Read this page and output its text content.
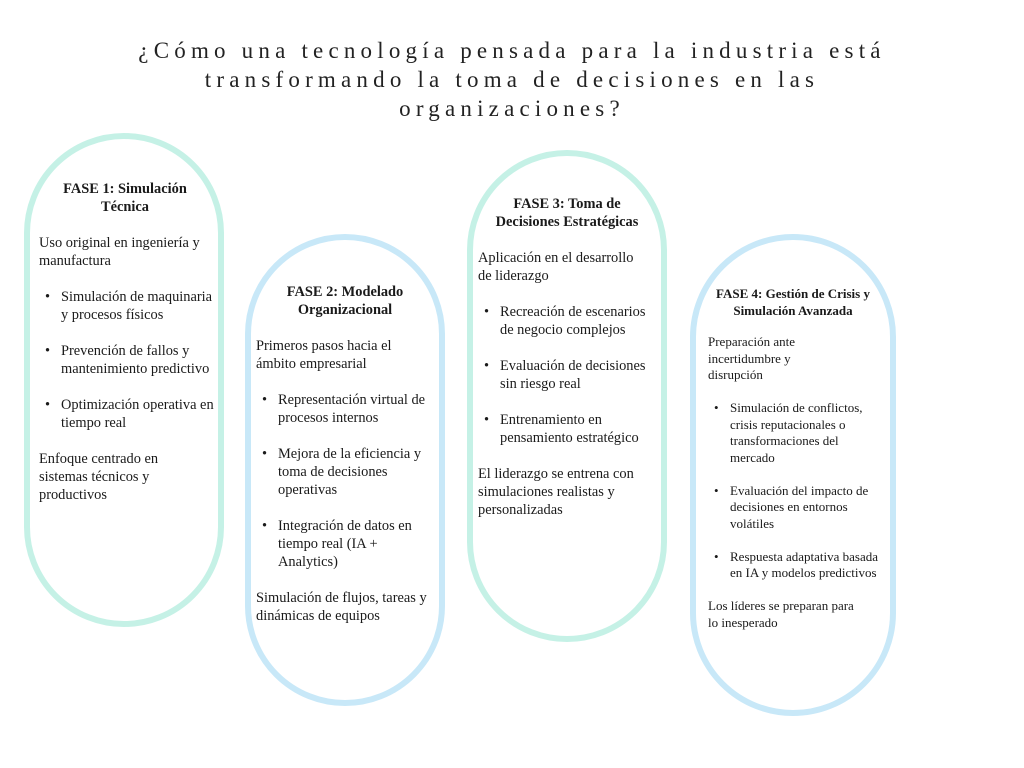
¿Cómo una tecnología pensada para la industria está transformando la toma de decisiones en las organizaciones?
FASE 1: Simulación Técnica

Uso original en ingeniería y manufactura

• Simulación de maquinaria y procesos físicos
• Prevención de fallos y mantenimiento predictivo
• Optimización operativa en tiempo real

Enfoque centrado en sistemas técnicos y productivos

FASE 2: Modelado Organizacional

Primeros pasos hacia el ámbito empresarial

• Representación virtual de procesos internos
• Mejora de la eficiencia y toma de decisiones operativas
• Integración de datos en tiempo real (IA + Analytics)

Simulación de flujos, tareas y dinámicas de equipos

FASE 3: Toma de Decisiones Estratégicas

Aplicación en el desarrollo de liderazgo

• Recreación de escenarios de negocio complejos
• Evaluación de decisiones sin riesgo real
• Entrenamiento en pensamiento estratégico

El liderazgo se entrena con simulaciones realistas y personalizadas

FASE 4: Gestión de Crisis y Simulación Avanzada

Preparación ante incertidumbre y disrupción

• Simulación de conflictos, crisis reputacionales o transformaciones del mercado
• Evaluación del impacto de decisiones en entornos volátiles
• Respuesta adaptativa basada en IA y modelos predictivos

Los líderes se preparan para lo inesperado
